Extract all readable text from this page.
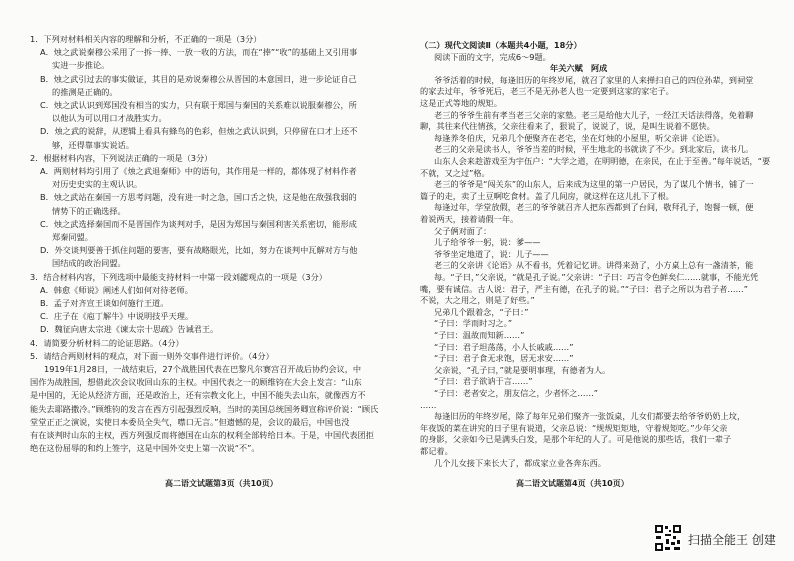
1．下列对材料相关内容的理解和分析，不正确的一项是（3分）
A．烛之武说秦穆公采用了一拆一捧、一放一收的方法，而在“捧”“收”的基础上又引用事
实进一步推论。
B．烛之武引过去的事实做证，其目的是劝说秦穆公从晋国的本意国日，进一步论证自己
的推测是正确的。
C．烛之武认识到郑国没有相当的实力，只有联于郑国与秦国的关系难以说服秦穆公，所
以他认为可以用口才战胜实力。
D．烛之武的说辞，从逻辑上看具有蜂鸟的色彩，但烛之武认识到，只停留在口才上还不
够，还得靠事实说话。
2．根据材料内容，下列说法正确的一项是（3分）
A．两则材料均引用了《烛之武退秦师》中的语句，其作用是一样的，都体现了材料作者
对历史史实的主观认识。
B．烛之武站在秦国一方思考问题，没有进一时之急，国口舌之快，这是他在敌强我弱的
情势下的正确选择。
C．烛之武选择秦国而不是晋国作为谈判对手，是因为郑国与秦国利害关系密切，能形成
郑秦同盟。
D．外交谈判要善于抓住问题的要害，要有战略眼光，比如，努力在谈判中瓦解对方与他
国结成的政治同盟。
3．结合材料内容，下列选项中最能支持材料一中第一段刘勰观点的一项是（3分）
A．韩愈《师说》阐述人们如何对待老师。
B．孟子对齐宣王谈如何施行王道。
C．庄子在《庖丁解牛》中说明技乎天理。
D．魏征向唐太宗进《谏太宗十思疏》告诫君王。
4．请简要分析材料二的论证思路。（4分）
5．请结合两则材料的观点，对下面一则外交事件进行评价。（4分）
1919年1月28日，一战结束后，27个战胜国代表在巴黎凡尔赛宫召开战后协约会议，中
国作为战胜国，想借此次会议收回山东的主权。中国代表之一的顾维钧在大会上发言：“山东
是中国的，无论从经济方面，还是政治上，还有宗教文化上，中国不能失去山东，就像西方不
能失去耶路撒冷。”顾维钧的发言在西方引起强烈反响，当时的美国总统国务卿宣称评价说：“顾氏
堂堂正正之演说，实使日本委员全失气，噤口无言。”但遗憾的是，会议的最后，中国也没
有在谈判时山东的主权，西方列强反而将德国在山东的权利全部转给日本。于是，中国代表团拒
绝在这份屈辱的和约上签字，这是中国外交史上第一次说“不”。
高二语文试题第3页（共10页）
（二）现代文阅读Ⅱ（本题共4小题，18分）
阅读下面的文字，完成6～9题。
年关六赋　阿成
爷爷活着的时候，每逢旧历的年终岁尾，就召了家里的人来掸扫自己的四位孙辈，到祠堂
的家去过年，爷爷死后，老三不是无孙老人也一定要到这家的家宅子。
这是正式等地的规矩。
老三的爷爷生前有孝当老三父亲的家塾。老三是给他大儿子，一经江天话法得落，免着聊
聊，其往来代往情孩，父亲往看来了，狠说了，说说了，说，是叫生说着不愿快。
每逢养冬伯庆，兄弟几个便聚齐在老宅，坐在灯烛的小屋里，听父亲讲《论语》。
老三的父亲是读书人，爷爷当差的时候，平生地北的书就读了不少。到北家后，读书几。
山东人会来趁游戏至为宇伍户：“大学之道，在明明德，在亲民，在止于至善。”每年说话，“要
不就，又之过”格。
老三的爷爷是“闯关东”的山东人，后来成为这里的第一户居民，为了谋几个情书，铺了一
篇子的走，卖了土豆啊吃食材。盖了几间房，就这样在这儿扎下了根。
每逢过年，学堂放假，老三的爷爷就召齐人把东西都到了台间，敬拜孔子，饱餐一顿，便
着说两天，接着请假一年。
父子俩对面了：
儿子给爷爷一躬，说：爹——
爷爷坐定地道了，说：儿子——
老三的父亲讲《论语》从不看书，凭着记忆讲。讲得来劲了，小方桌上总有一盏清茶，能
每。“子曰，”父亲说，“就是孔子说。”父亲讲：“子曰：巧言令色鲜矣仁……就事，不能光凭
嘴，要有诚信。古人说：君子，严主有德，在孔子的说。”“子曰：君子之所以为君子者……”
不说，大之用之，则是了好些。”
兄弟几个跟着念，“子曰：”
“子曰：学而时习之。”
“子曰：温故而知新……”
“子曰：君子坦荡荡，小人长戚戚……”
“子曰：君子食无求饱，居无求安……”
父亲说，“孔子曰，”就是要明事理，有德者为人。
“子曰：君子欲讷于言……”
“子曰：老者安之，朋友信之，少者怀之……”
……
每逢旧历的年终岁尾，除了每年兄弟们聚齐一张饭桌，儿女们都要去给爷爷奶奶上坟，
年夜饭的菜在讲究的日子里有说道，父亲总说：“规规矩矩地，守着规矩吃。”少年父亲
的身影，父亲如今已是满头白发，是那个年纪的人了。可是他说的那些话，我们一辈子
都记着。
几个儿女接下来长大了，都成家立业各奔东西。
高二语文试题第4页（共10页）
扫描全能王 创建
